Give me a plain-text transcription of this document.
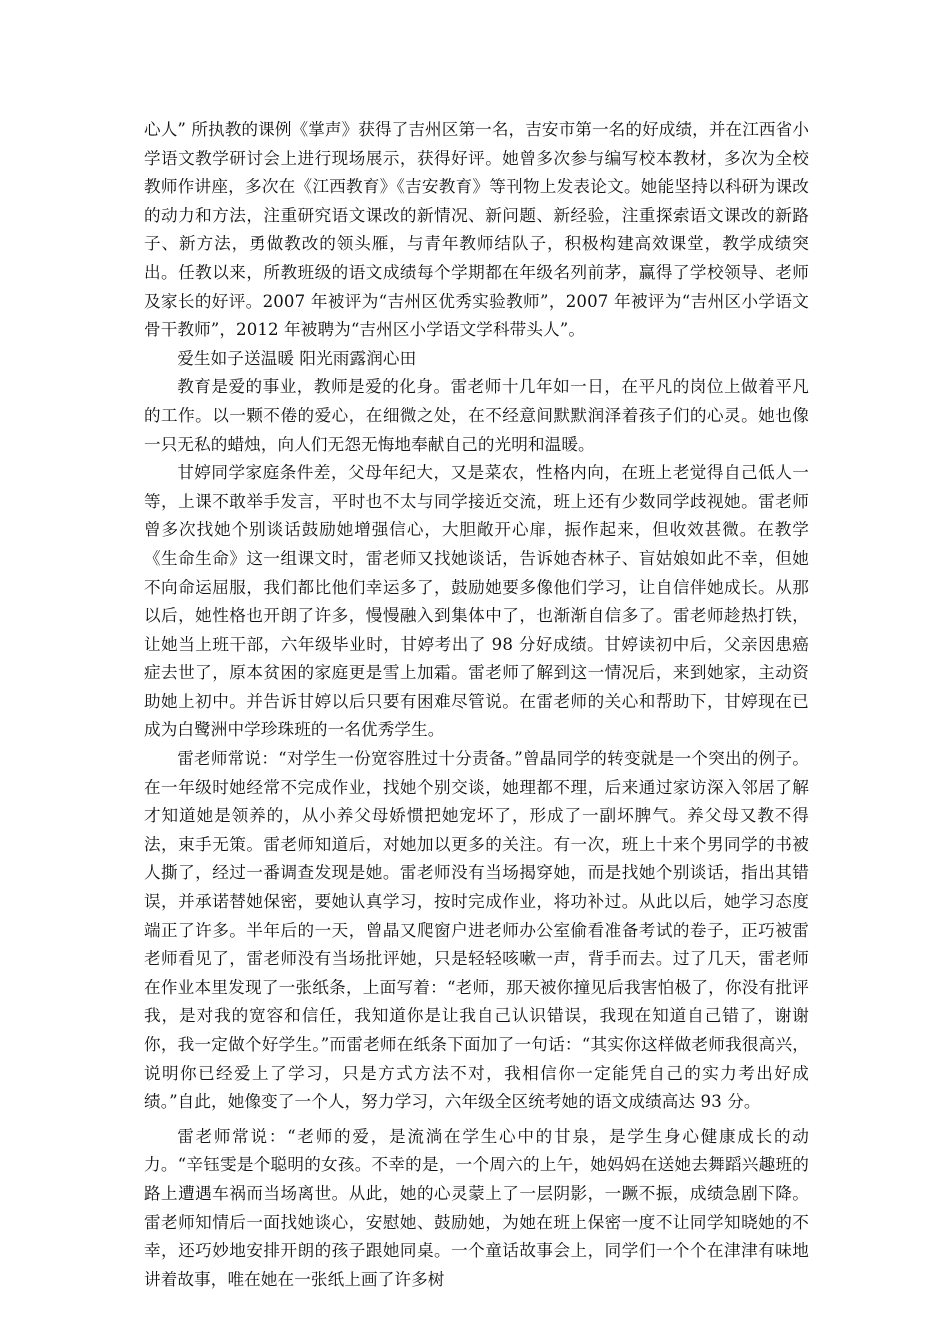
心人” 所执教的课例《掌声》获得了吉州区第一名，吉安市第一名的好成绩，并在江西省小学语文教学研讨会上进行现场展示，获得好评。她曾多次参与编写校本教材，多次为全校教师作讲座，多次在《江西教育》《吉安教育》等刊物上发表论文。她能坚持以科研为课改的动力和方法，注重研究语文课改的新情况、新问题、新经验，注重探索语文课改的新路子、新方法，勇做教改的领头雁，与青年教师结队子，积极构建高效课堂，教学成绩突出。任教以来，所教班级的语文成绩每个学期都在年级名列前茅，赢得了学校领导、老师及家长的好评。2007 年被评为“吉州区优秀实验教师”，2007 年被评为“吉州区小学语文骨干教师”，2012 年被聘为“吉州区小学语文学科带头人”。

爱生如子送温暖 阳光雨露润心田

教育是爱的事业，教师是爱的化身。雷老师十几年如一日，在平凡的岗位上做着平凡的工作。以一颗不倦的爱心，在细微之处，在不经意间默默润泽着孩子们的心灵。她也像一只无私的蜡烛，向人们无怨无悔地奉献自己的光明和温暖。

甘婷同学家庭条件差，父母年纪大，又是菜农，性格内向，在班上老觉得自己低人一等，上课不敢举手发言，平时也不太与同学接近交流，班上还有少数同学歧视她。雷老师曾多次找她个别谈话鼓励她增强信心，大胆敞开心扉，振作起来，但收效甚微。在教学《生命生命》这一组课文时，雷老师又找她谈话，告诉她杏林子、盲姑娘如此不幸，但她不向命运屈服，我们都比他们幸运多了，鼓励她要多像他们学习，让自信伴她成长。从那以后，她性格也开朗了许多，慢慢融入到集体中了，也渐渐自信多了。雷老师趁热打铁，让她当上班干部，六年级毕业时，甘婷考出了 98 分好成绩。甘婷读初中后，父亲因患癌症去世了，原本贫困的家庭更是雪上加霜。雷老师了解到这一情况后，来到她家，主动资助她上初中。并告诉甘婷以后只要有困难尽管说。在雷老师的关心和帮助下，甘婷现在已成为白鹭洲中学珍珠班的一名优秀学生。

雷老师常说：“对学生一份宽容胜过十分责备。”曾晶同学的转变就是一个突出的例子。在一年级时她经常不完成作业，找她个别交谈，她理都不理，后来通过家访深入邻居了解才知道她是领养的，从小养父母娇惯把她宠坏了，形成了一副坏脾气。养父母又教不得法，束手无策。雷老师知道后，对她加以更多的关注。有一次，班上十来个男同学的书被人撕了，经过一番调查发现是她。雷老师没有当场揭穿她，而是找她个别谈话，指出其错误，并承诺替她保密，要她认真学习，按时完成作业，将功补过。从此以后，她学习态度端正了许多。半年后的一天，曾晶又爬窗户进老师办公室偷看准备考试的卷子，正巧被雷老师看见了，雷老师没有当场批评她，只是轻轻咳嗽一声，背手而去。过了几天，雷老师在作业本里发现了一张纸条，上面写着：“老师，那天被你撞见后我害怕极了，你没有批评我，是对我的宽容和信任，我知道你是让我自己认识错误，我现在知道自己错了，谢谢你，我一定做个好学生。”而雷老师在纸条下面加了一句话：“其实你这样做老师我很高兴，说明你已经爱上了学习，只是方式方法不对，我相信你一定能凭自己的实力考出好成绩。”自此，她像变了一个人，努力学习，六年级全区统考她的语文成绩高达 93 分。

雷老师常说：“老师的爱，是流淌在学生心中的甘泉，是学生身心健康成长的动力。“辛钰雯是个聪明的女孩。不幸的是，一个周六的上午，她妈妈在送她去舞蹈兴趣班的路上遭遇车祸而当场离世。从此，她的心灵蒙上了一层阴影，一蹶不振，成绩急剧下降。雷老师知情后一面找她谈心，安慰她、鼓励她，为她在班上保密一度不让同学知晓她的不幸，还巧妙地安排开朗的孩子跟她同桌。一个童话故事会上，同学们一个个在津津有味地讲着故事，唯在她在一张纸上画了许多树
